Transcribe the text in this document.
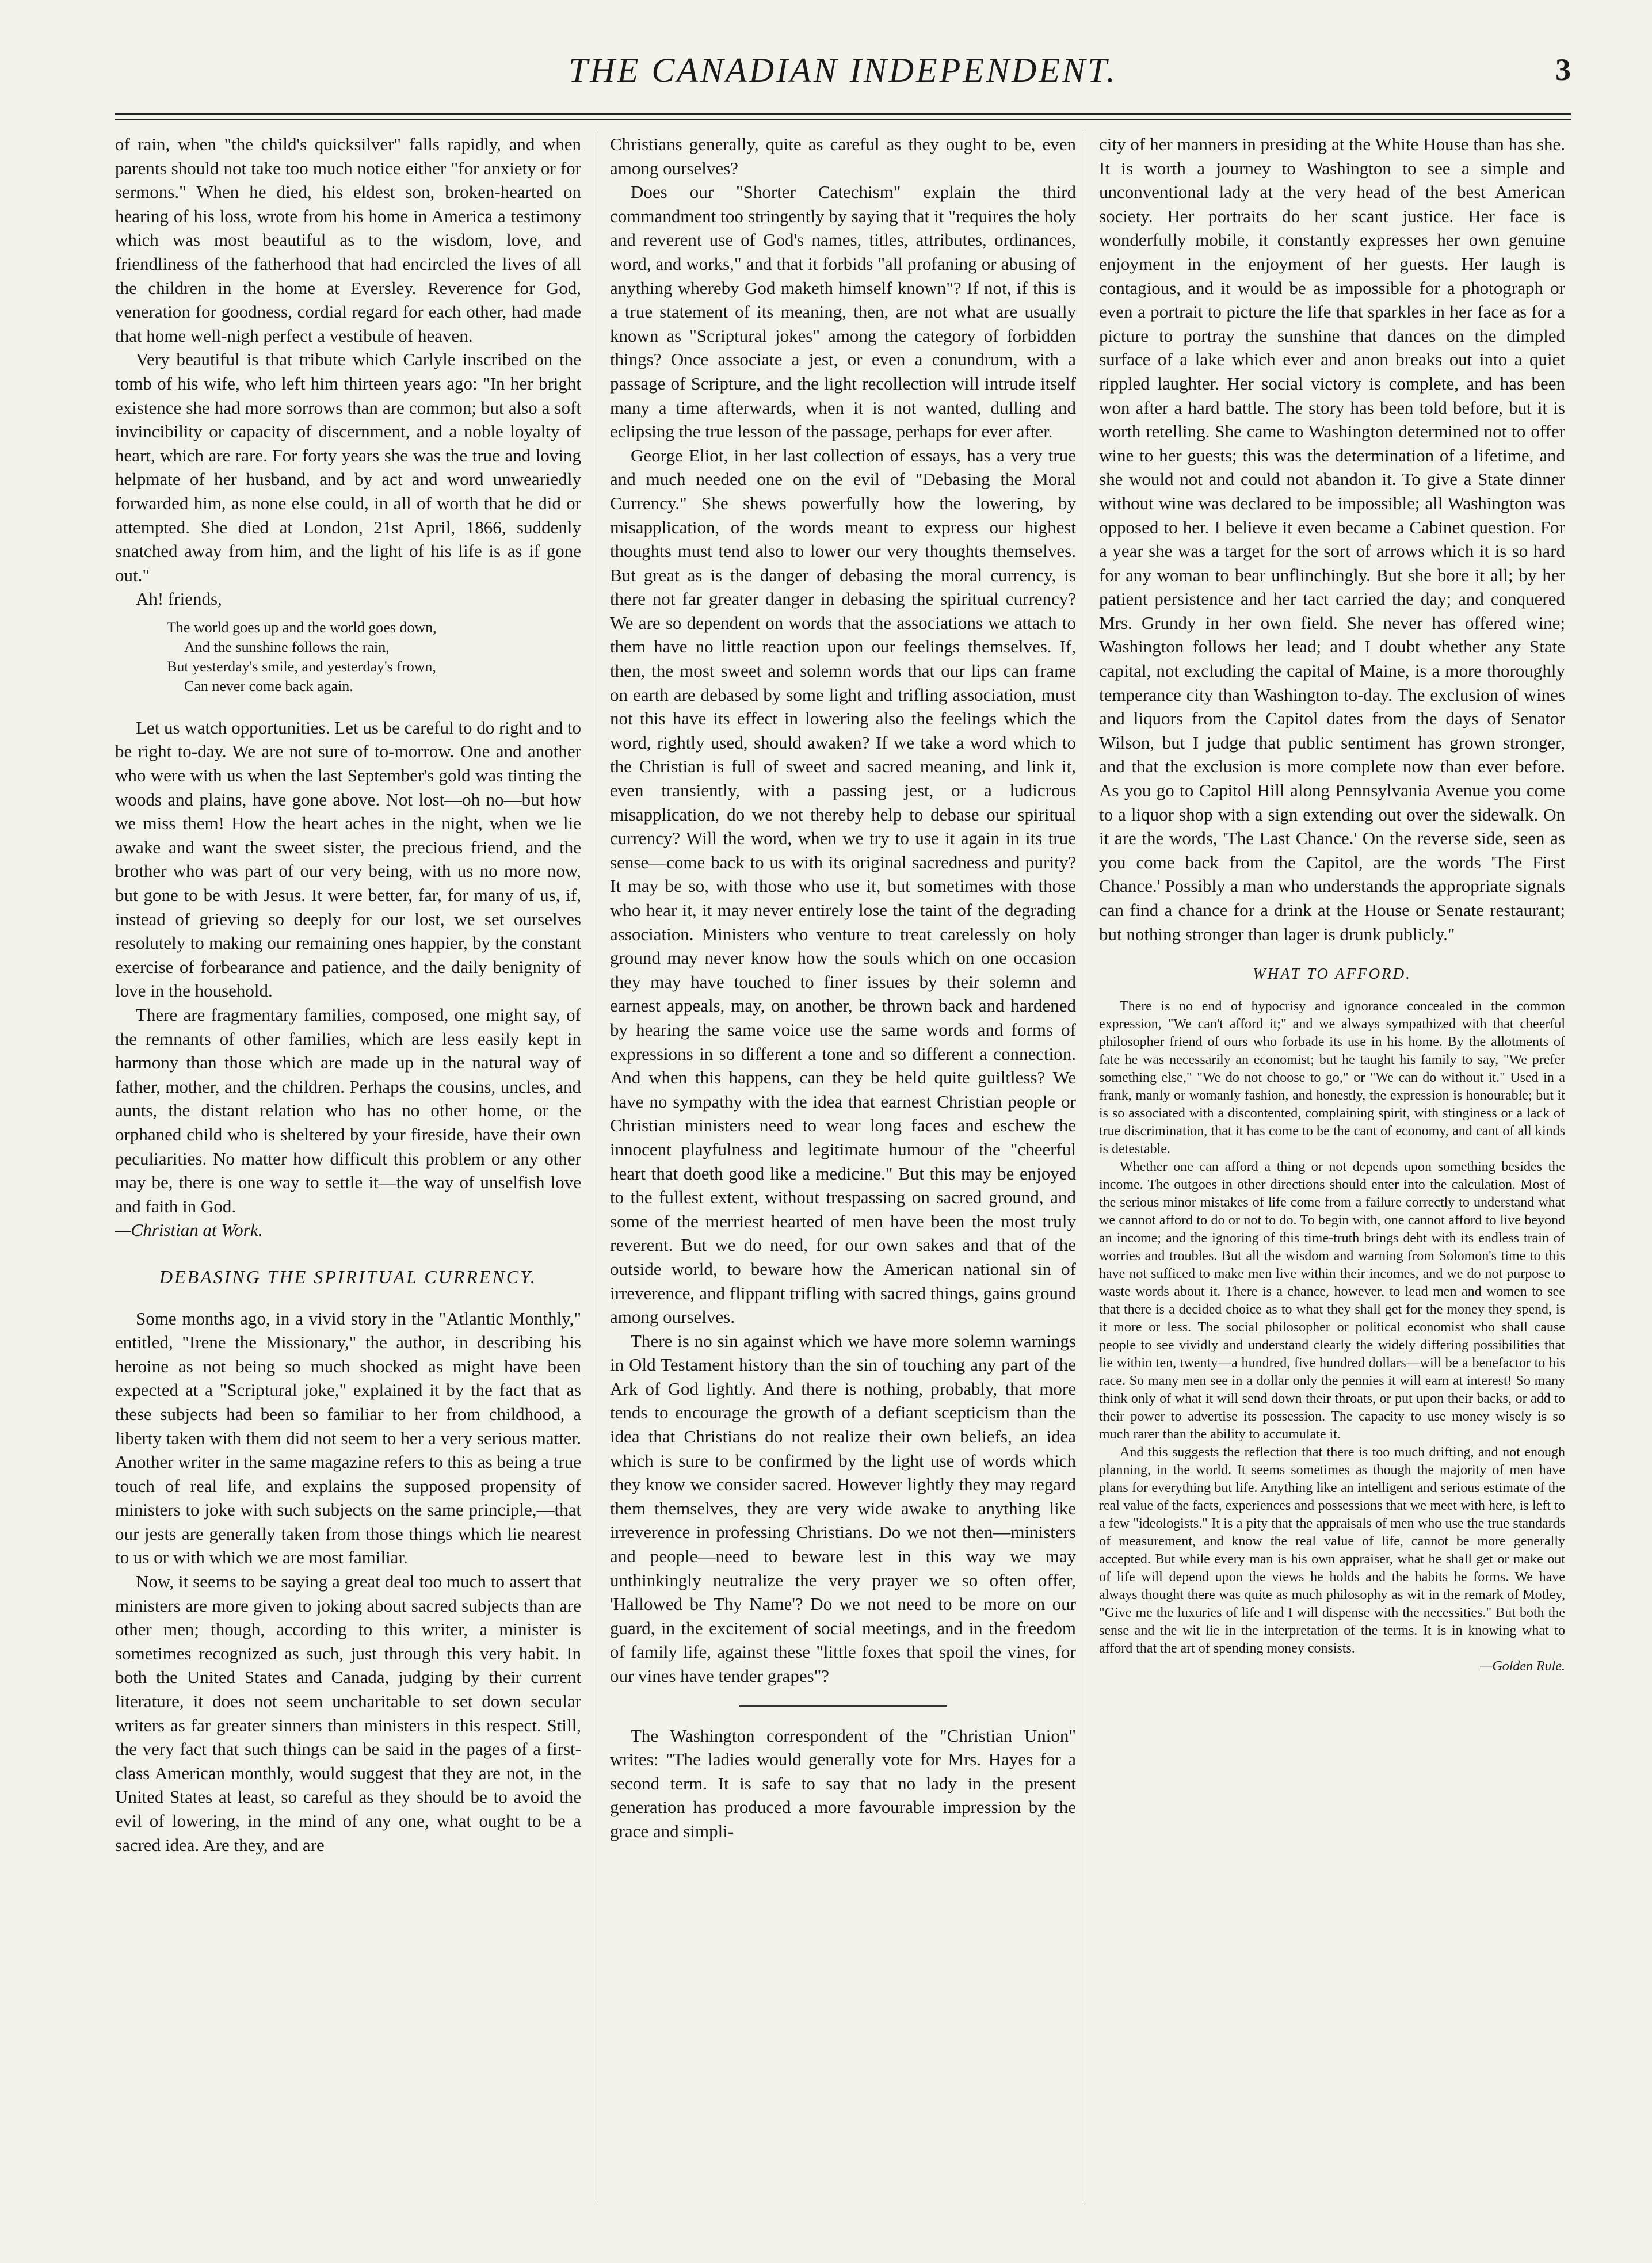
THE CANADIAN INDEPENDENT.	3

of rain, when "the child's quicksilver" falls rapidly, and when parents should not take too much notice either "for anxiety or for sermons." When he died, his eldest son, broken-hearted on hearing of his loss, wrote from his home in America a testimony which was most beautiful as to the wisdom, love, and friendliness of the fatherhood that had encircled the lives of all the children in the home at Eversley. Reverence for God, veneration for goodness, cordial regard for each other, had made that home well-nigh perfect a vestibule of heaven.

Very beautiful is that tribute which Carlyle inscribed on the tomb of his wife, who left him thirteen years ago: "In her bright existence she had more sorrows than are common; but also a soft invincibility or capacity of discernment, and a noble loyalty of heart, which are rare. For forty years she was the true and loving helpmate of her husband, and by act and word unweariedly forwarded him, as none else could, in all of worth that he did or attempted. She died at London, 21st April, 1866, suddenly snatched away from him, and the light of his life is as if gone out."

Ah! friends,

The world goes up and the world goes down,
And the sunshine follows the rain,
But yesterday's smile, and yesterday's frown,
Can never come back again.

Let us watch opportunities. Let us be careful to do right and to be right to-day. We are not sure of to-morrow. One and another who were with us when the last September's gold was tinting the woods and plains, have gone above. Not lost—oh no—but how we miss them! How the heart aches in the night, when we lie awake and want the sweet sister, the precious friend, and the brother who was part of our very being, with us no more now, but gone to be with Jesus. It were better, far, for many of us, if, instead of grieving so deeply for our lost, we set ourselves resolutely to making our remaining ones happier, by the constant exercise of forbearance and patience, and the daily benignity of love in the household.

There are fragmentary families, composed, one might say, of the remnants of other families, which are less easily kept in harmony than those which are made up in the natural way of father, mother, and the children. Perhaps the cousins, uncles, and aunts, the distant relation who has no other home, or the orphaned child who is sheltered by your fireside, have their own peculiarities. No matter how difficult this problem or any other may be, there is one way to settle it—the way of unselfish love and faith in God.

—Christian at Work.

DEBASING THE SPIRITUAL CURRENCY.

Some months ago, in a vivid story in the "Atlantic Monthly," entitled, "Irene the Missionary," the author, in describing his heroine as not being so much shocked as might have been expected at a "Scriptural joke," explained it by the fact that as these subjects had been so familiar to her from childhood, a liberty taken with them did not seem to her a very serious matter. Another writer in the same magazine refers to this as being a true touch of real life, and explains the supposed propensity of ministers to joke with such subjects on the same principle,—that our jests are generally taken from those things which lie nearest to us or with which we are most familiar.

Now, it seems to be saying a great deal too much to assert that ministers are more given to joking about sacred subjects than are other men; though, according to this writer, a minister is sometimes recognized as such, just through this very habit. In both the United States and Canada, judging by their current literature, it does not seem uncharitable to set down secular writers as far greater sinners than ministers in this respect. Still, the very fact that such things can be said in the pages of a first-class American monthly, would suggest that they are not, in the United States at least, so careful as they should be to avoid the evil of lowering, in the mind of any one, what ought to be a sacred idea. Are they, and are

Christians generally, quite as careful as they ought to be, even among ourselves?

Does our "Shorter Catechism" explain the third commandment too stringently by saying that it "requires the holy and reverent use of God's names, titles, attributes, ordinances, word, and works," and that it forbids "all profaning or abusing of anything whereby God maketh himself known"? If not, if this is a true statement of its meaning, then, are not what are usually known as "Scriptural jokes" among the category of forbidden things? Once associate a jest, or even a conundrum, with a passage of Scripture, and the light recollection will intrude itself many a time afterwards, when it is not wanted, dulling and eclipsing the true lesson of the passage, perhaps for ever after.

George Eliot, in her last collection of essays, has a very true and much needed one on the evil of "Debasing the Moral Currency." She shews powerfully how the lowering, by misapplication, of the words meant to express our highest thoughts must tend also to lower our very thoughts themselves. But great as is the danger of debasing the moral currency, is there not far greater danger in debasing the spiritual currency? We are so dependent on words that the associations we attach to them have no little reaction upon our feelings themselves. If, then, the most sweet and solemn words that our lips can frame on earth are debased by some light and trifling association, must not this have its effect in lowering also the feelings which the word, rightly used, should awaken? If we take a word which to the Christian is full of sweet and sacred meaning, and link it, even transiently, with a passing jest, or a ludicrous misapplication, do we not thereby help to debase our spiritual currency? Will the word, when we try to use it again in its true sense—come back to us with its original sacredness and purity? It may be so, with those who use it, but sometimes with those who hear it, it may never entirely lose the taint of the degrading association. Ministers who venture to treat carelessly on holy ground may never know how the souls which on one occasion they may have touched to finer issues by their solemn and earnest appeals, may, on another, be thrown back and hardened by hearing the same voice use the same words and forms of expressions in so different a tone and so different a connection. And when this happens, can they be held quite guiltless? We have no sympathy with the idea that earnest Christian people or Christian ministers need to wear long faces and eschew the innocent playfulness and legitimate humour of the "cheerful heart that doeth good like a medicine." But this may be enjoyed to the fullest extent, without trespassing on sacred ground, and some of the merriest hearted of men have been the most truly reverent. But we do need, for our own sakes and that of the outside world, to beware how the American national sin of irreverence, and flippant trifling with sacred things, gains ground among ourselves.

There is no sin against which we have more solemn warnings in Old Testament history than the sin of touching any part of the Ark of God lightly. And there is nothing, probably, that more tends to encourage the growth of a defiant scepticism than the idea that Christians do not realize their own beliefs, an idea which is sure to be confirmed by the light use of words which they know we consider sacred. However lightly they may regard them themselves, they are very wide awake to anything like irreverence in professing Christians. Do we not then—ministers and people—need to beware lest in this way we may unthinkingly neutralize the very prayer we so often offer, 'Hallowed be Thy Name'? Do we not need to be more on our guard, in the excitement of social meetings, and in the freedom of family life, against these "little foxes that spoil the vines, for our vines have tender grapes"?

The Washington correspondent of the "Christian Union" writes: "The ladies would generally vote for Mrs. Hayes for a second term. It is safe to say that no lady in the present generation has produced a more favourable impression by the grace and simpli-

city of her manners in presiding at the White House than has she. It is worth a journey to Washington to see a simple and unconventional lady at the very head of the best American society. Her portraits do her scant justice. Her face is wonderfully mobile, it constantly expresses her own genuine enjoyment in the enjoyment of her guests. Her laugh is contagious, and it would be as impossible for a photograph or even a portrait to picture the life that sparkles in her face as for a picture to portray the sunshine that dances on the dimpled surface of a lake which ever and anon breaks out into a quiet rippled laughter. Her social victory is complete, and has been won after a hard battle. The story has been told before, but it is worth retelling. She came to Washington determined not to offer wine to her guests; this was the determination of a lifetime, and she would not and could not abandon it. To give a State dinner without wine was declared to be impossible; all Washington was opposed to her. I believe it even became a Cabinet question. For a year she was a target for the sort of arrows which it is so hard for any woman to bear unflinchingly. But she bore it all; by her patient persistence and her tact carried the day; and conquered Mrs. Grundy in her own field. She never has offered wine; Washington follows her lead; and I doubt whether any State capital, not excluding the capital of Maine, is a more thoroughly temperance city than Washington to-day. The exclusion of wines and liquors from the Capitol dates from the days of Senator Wilson, but I judge that public sentiment has grown stronger, and that the exclusion is more complete now than ever before. As you go to Capitol Hill along Pennsylvania Avenue you come to a liquor shop with a sign extending out over the sidewalk. On it are the words, 'The Last Chance.' On the reverse side, seen as you come back from the Capitol, are the words 'The First Chance.' Possibly a man who understands the appropriate signals can find a chance for a drink at the House or Senate restaurant; but nothing stronger than lager is drunk publicly."

WHAT TO AFFORD.

There is no end of hypocrisy and ignorance concealed in the common expression, "We can't afford it;" and we always sympathized with that cheerful philosopher friend of ours who forbade its use in his home. By the allotments of fate he was necessarily an economist; but he taught his family to say, "We prefer something else," "We do not choose to go," or "We can do without it." Used in a frank, manly or womanly fashion, and honestly, the expression is honourable; but it is so associated with a discontented, complaining spirit, with stinginess or a lack of true discrimination, that it has come to be the cant of economy, and cant of all kinds is detestable.

Whether one can afford a thing or not depends upon something besides the income. The outgoes in other directions should enter into the calculation. Most of the serious minor mistakes of life come from a failure correctly to understand what we cannot afford to do or not to do. To begin with, one cannot afford to live beyond an income; and the ignoring of this time-truth brings debt with its endless train of worries and troubles. But all the wisdom and warning from Solomon's time to this have not sufficed to make men live within their incomes, and we do not purpose to waste words about it. There is a chance, however, to lead men and women to see that there is a decided choice as to what they shall get for the money they spend, is it more or less. The social philosopher or political economist who shall cause people to see vividly and understand clearly the widely differing possibilities that lie within ten, twenty—a hundred, five hundred dollars—will be a benefactor to his race. So many men see in a dollar only the pennies it will earn at interest! So many think only of what it will send down their throats, or put upon their backs, or add to their power to advertise its possession. The capacity to use money wisely is so much rarer than the ability to accumulate it.

And this suggests the reflection that there is too much drifting, and not enough planning, in the world. It seems sometimes as though the majority of men have plans for everything but life. Anything like an intelligent and serious estimate of the real value of the facts, experiences and possessions that we meet with here, is left to a few "ideologists." It is a pity that the appraisals of men who use the true standards of measurement, and know the real value of life, cannot be more generally accepted. But while every man is his own appraiser, what he shall get or make out of life will depend upon the views he holds and the habits he forms. We have always thought there was quite as much philosophy as wit in the remark of Motley, "Give me the luxuries of life and I will dispense with the necessities." But both the sense and the wit lie in the interpretation of the terms. It is in knowing what to afford that the art of spending money consists.

—Golden Rule.
